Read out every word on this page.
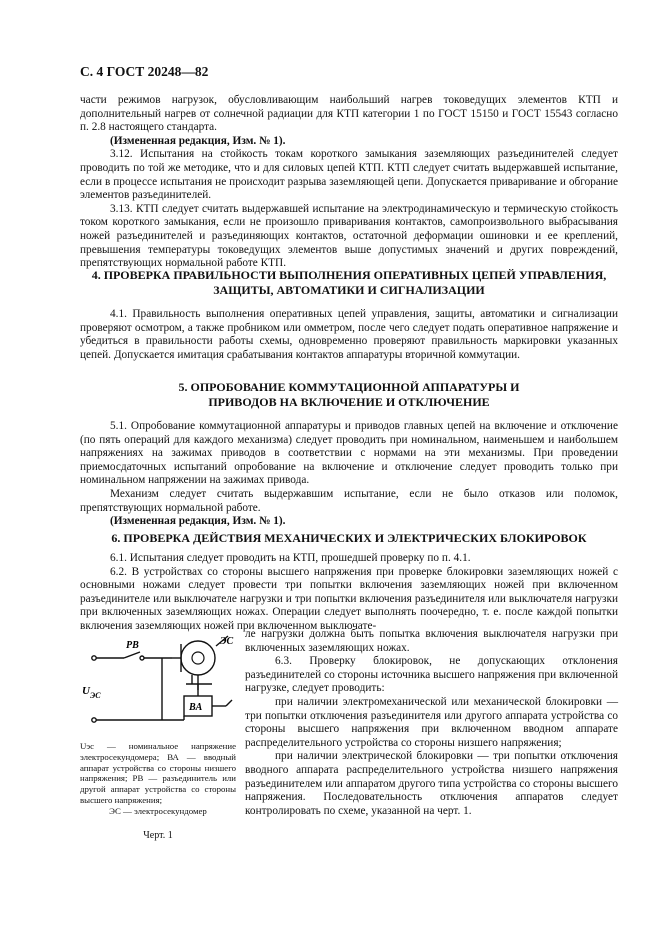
С. 4 ГОСТ 20248—82

части режимов нагрузок, обусловливающим наибольший нагрев токоведущих элементов КТП и дополнительный нагрев от солнечной радиации для КТП категории 1 по ГОСТ 15150 и ГОСТ 15543 согласно п. 2.8 настоящего стандарта.

(Измененная редакция, Изм. № 1).

3.12. Испытания на стойкость токам короткого замыкания заземляющих разъединителей следует проводить по той же методике, что и для силовых цепей КТП. КТП следует считать выдержавшей испытание, если в процессе испытания не происходит разрыва заземляющей цепи. Допускается приваривание и обгорание элементов разъединителей.

3.13. КТП следует считать выдержавшей испытание на электродинамическую и термическую стойкость током короткого замыкания, если не произошло приваривания контактов, самопроизвольного выбрасывания ножей разъединителей и разъединяющих контактов, остаточной деформации ошиновки и ее креплений, превышения температуры токоведущих элементов выше допустимых значений и других повреждений, препятствующих нормальной работе КТП.

4. ПРОВЕРКА ПРАВИЛЬНОСТИ ВЫПОЛНЕНИЯ ОПЕРАТИВНЫХ ЦЕПЕЙ УПРАВЛЕНИЯ, ЗАЩИТЫ, АВТОМАТИКИ И СИГНАЛИЗАЦИИ

4.1. Правильность выполнения оперативных цепей управления, защиты, автоматики и сигнализации проверяют осмотром, а также пробником или омметром, после чего следует подать оперативное напряжение и убедиться в правильности работы схемы, одновременно проверяют правильность маркировки указанных цепей. Допускается имитация срабатывания контактов аппаратуры вторичной коммутации.

5. ОПРОБОВАНИЕ КОММУТАЦИОННОЙ АППАРАТУРЫ И ПРИВОДОВ НА ВКЛЮЧЕНИЕ И ОТКЛЮЧЕНИЕ

5.1. Опробование коммутационной аппаратуры и приводов главных цепей на включение и отключение (по пять операций для каждого механизма) следует проводить при номинальном, наименьшем и наибольшем напряжениях на зажимах приводов в соответствии с нормами на эти механизмы. При проведении приемосдаточных испытаний опробование на включение и отключение следует проводить только при номинальном напряжении на зажимах привода.

Механизм следует считать выдержавшим испытание, если не было отказов или поломок, препятствующих нормальной работе.

(Измененная редакция, Изм. № 1).

6. ПРОВЕРКА ДЕЙСТВИЯ МЕХАНИЧЕСКИХ И ЭЛЕКТРИЧЕСКИХ БЛОКИРОВОК

6.1. Испытания следует проводить на КТП, прошедшей проверку по п. 4.1.

6.2. В устройствах со стороны высшего напряжения при проверке блокировки заземляющих ножей с основными ножами следует провести три попытки включения заземляющих ножей при включенном разъединителе или выключателе нагрузки и три попытки включения разъединителя или выключателя нагрузки при включенных заземляющих ножах. Операции следует выполнять поочередно, т. е. после каждой попытки включения заземляющих ножей при включенном выключате-

ле нагрузки должна быть попытка включения выключателя нагрузки при включенных заземляющих ножах.

6.3. Проверку блокировок, не допускающих отклонения разъединителей со стороны источника высшего напряжения при включенной нагрузке, следует проводить:

при наличии электромеханической или механической блокировки — три попытки отключения разъединителя или другого аппарата устройства со стороны высшего напряжения при включенном вводном аппарате распределительного устройства со стороны низшего напряжения;

при наличии электрической блокировки — три попытки отключения вводного аппарата распределительного устройства низшего напряжения разъединителем или аппаратом другого типа устройства со стороны высшего напряжения. Последовательность отключения аппаратов следует контролировать по схеме, указанной на черт. 1.

PB	ЭС
BA
U ЭС

Uэс — номинальное напряжение электросекундомера; ВА — вводный аппарат устройства со стороны низшего напряжения; РВ — разъединитель или другой аппарат устройства со стороны высшего напряжения;

ЭС — электросекундомер

Черт. 1
